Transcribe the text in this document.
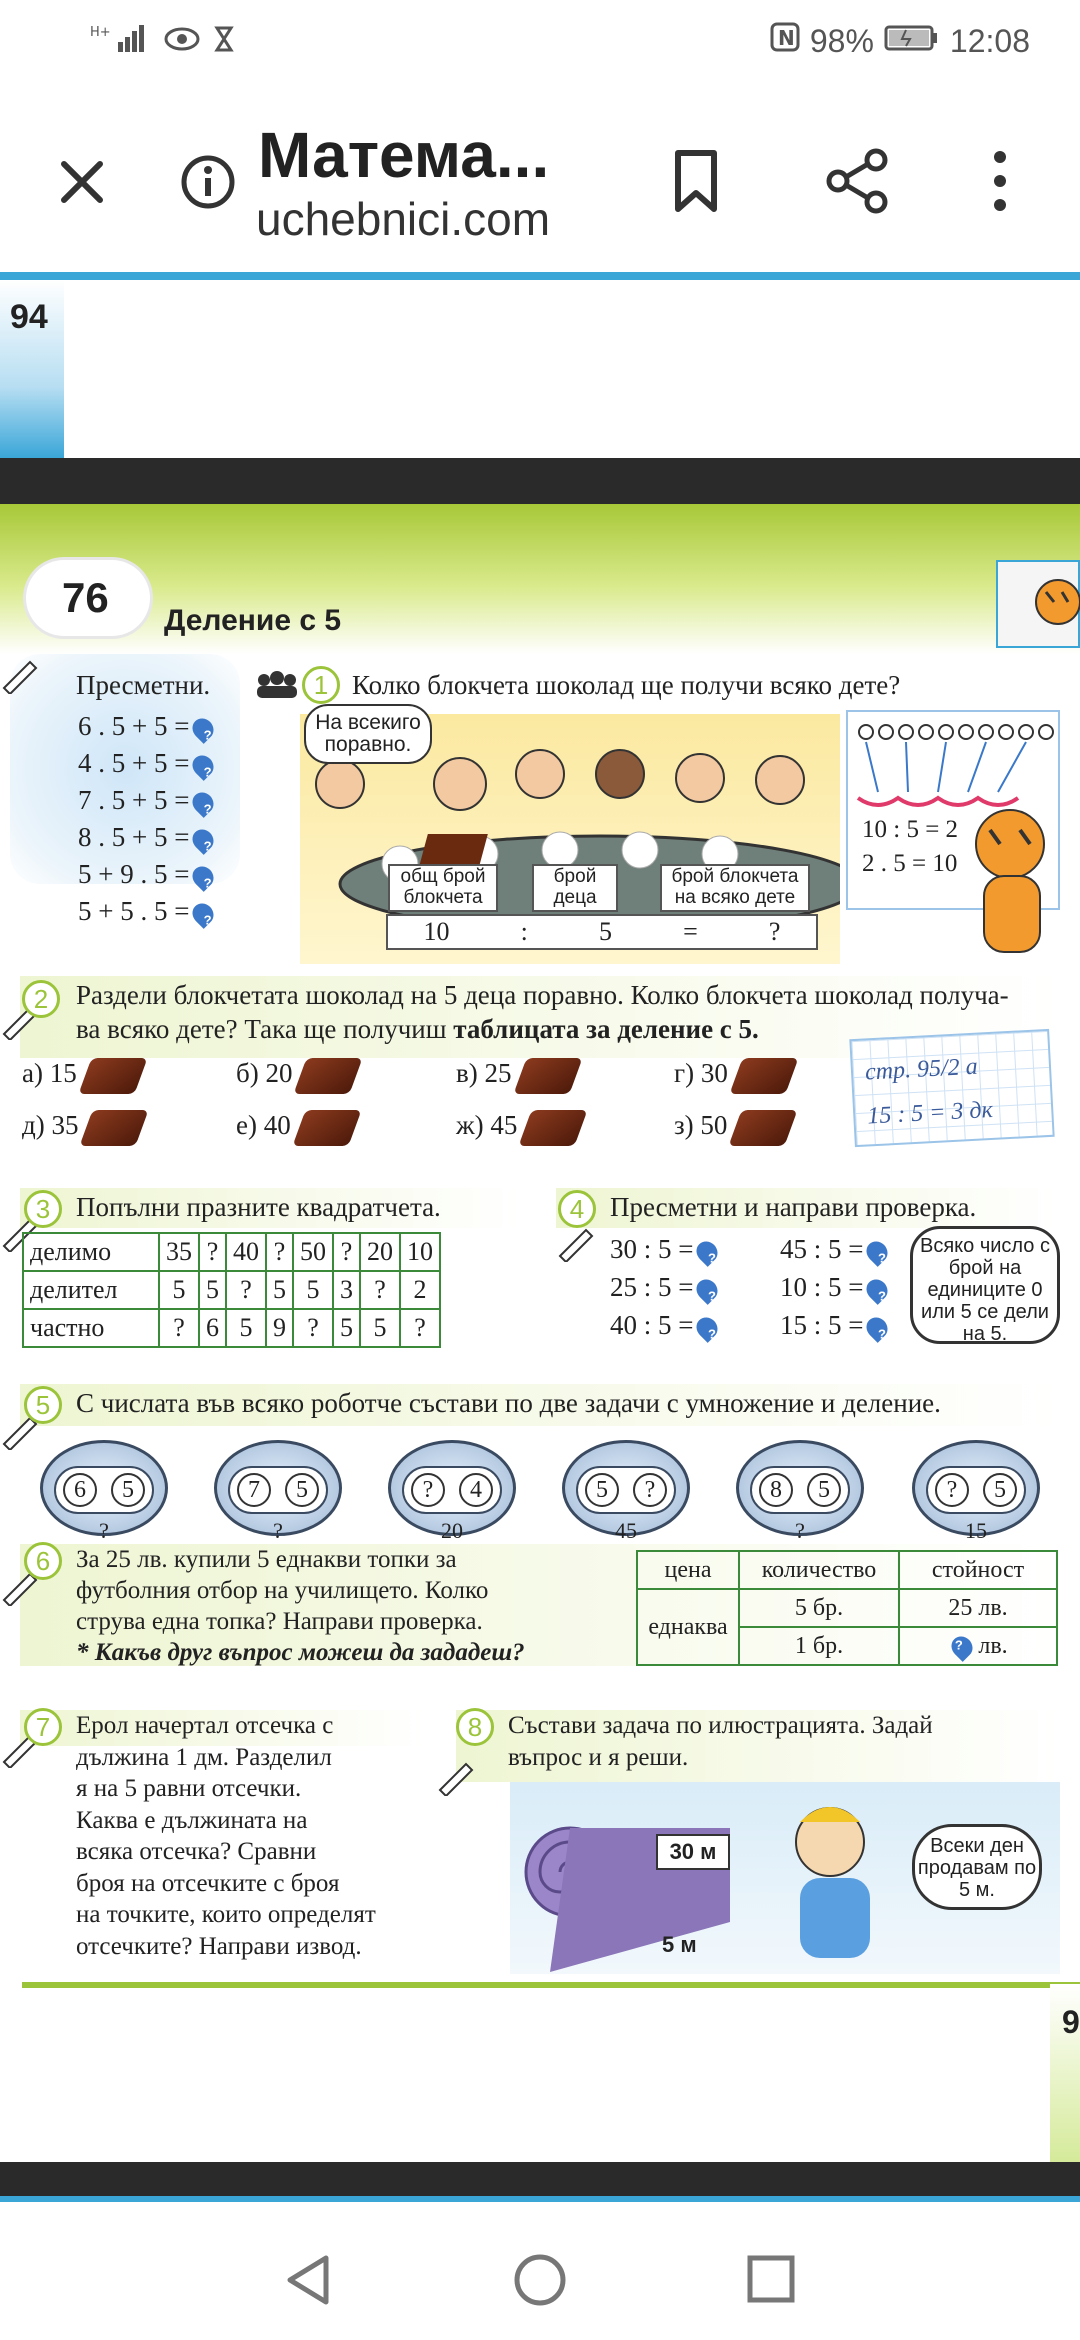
H+	N 98% 12:08
Матема...
uchebnici.com
94
76 Деление с 5
Пресметни.
6 . 5 + 5 =?
4 . 5 + 5 =?
7 . 5 + 5 =?
8 . 5 + 5 =?
5 + 9 . 5 =?
5 + 5 . 5 =?
1 Колко блокчета шоколад ще получи всяко дете?
На всекиго поравно.
общ брой блокчета
брой деца
брой блокчета на всяко дете
10	:	5	=	?
10 : 5 = 2
2 . 5 = 10
2	Раздели блокчетата шоколад на 5 деца поравно. Колко блокчета шоколад получа-
ва всяко дете? Така ще получиш таблицата за деление с 5.
а) 15	б) 20	в) 25	г) 30
д) 35	е) 40	ж) 45	з) 50
стр. 95/2 а
15 : 5 = 3 дк
3 Попълни празните квадратчета.
делимо	35	?	40	?	50	?	20	10
делител	5	5	?	5	5	3	?	2
частно	?	6	5	9	?	5	5	?
4 Пресметни и направи проверка.
30 : 5 =?
25 : 5 =?
40 : 5 =?
45 : 5 =?
10 : 5 =?
15 : 5 =?
Всяко число с брой на единиците 0 или 5 се дели на 5.
5 С числата във всяко роботче състави по две задачи с умножение и деление.
6	5
?
7	5
?
?	4
20
5	?
45
8	5
?
?	5
15
6	За 25 лв. купили 5 еднакви топки за
футболния отбор на училището. Колко
струва една топка? Направи проверка.
* Какъв друг въпрос можеш да зададеш?
цена	количество	стойност
еднаква	5 бр.	25 лв.
	1 бр.	?лв.
7	Ерол начертал отсечка с
дължина 1 дм. Разделил
я на 5 равни отсечки.
Каква е дължината на
всяка отсечка? Сравни
броя на отсечките с броя
на точките, които определят
отсечките? Направи извод.
8	Състави задача по илюстрацията. Задай
въпрос и я реши.
30 м
5 м
Всеки ден продавам по 5 м.
9
